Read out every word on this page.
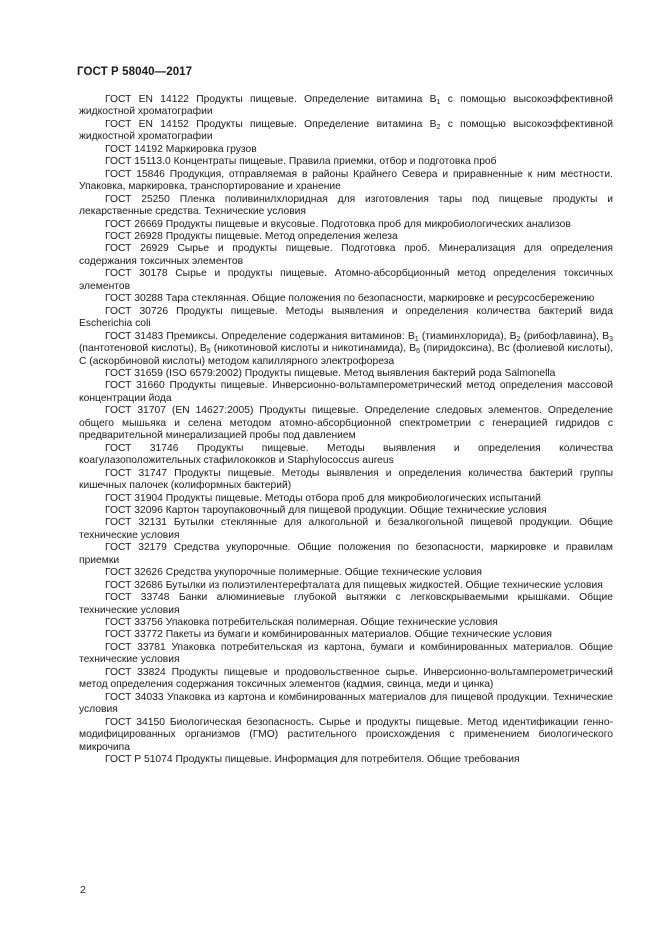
ГОСТ Р 58040—2017

ГОСТ EN 14122 Продукты пищевые. Определение витамина $B_1$ с помощью высокоэффективной жидкостной хроматографии

ГОСТ EN 14152 Продукты пищевые. Определение витамина $B_2$ с помощью высокоэффективной жидкостной хроматографии

ГОСТ 14192 Маркировка грузов

ГОСТ 15113.0 Концентраты пищевые. Правила приемки, отбор и подготовка проб

ГОСТ 15846 Продукция, отправляемая в районы Крайнего Севера и приравненные к ним местности. Упаковка, маркировка, транспортирование и хранение

ГОСТ 25250 Пленка поливинилхлоридная для изготовления тары под пищевые продукты и лекарственные средства. Технические условия

ГОСТ 26669 Продукты пищевые и вкусовые. Подготовка проб для микробиологических анализов

ГОСТ 26928 Продукты пищевые. Метод определения железа

ГОСТ 26929 Сырье и продукты пищевые. Подготовка проб. Минерализация для определения содержания токсичных элементов

ГОСТ 30178 Сырье и продукты пищевые. Атомно-абсорбционный метод определения токсичных элементов

ГОСТ 30288 Тара стеклянная. Общие положения по безопасности, маркировке и ресурсосбережению

ГОСТ 30726 Продукты пищевые. Методы выявления и определения количества бактерий вида Escherichia coli

ГОСТ 31483 Премиксы. Определение содержания витаминов: $B_1$ (тиаминхлорида), $B_2$ (рибофлавина), $B_3$ (пантотеновой кислоты), $B_5$ (никотиновой кислоты и никотинамида), $B_6$ (пиридоксина), Bc (фолиевой кислоты), C (аскорбиновой кислоты) методом капиллярного электрофореза

ГОСТ 31659 (ISO 6579:2002) Продукты пищевые. Метод выявления бактерий рода Salmonella

ГОСТ 31660 Продукты пищевые. Инверсионно-вольтамперометрический метод определения массовой концентрации йода

ГОСТ 31707 (EN 14627:2005) Продукты пищевые. Определение следовых элементов. Определение общего мышьяка и селена методом атомно-абсорбционной спектрометрии с генерацией гидридов с предварительной минерализацией пробы под давлением

ГОСТ 31746 Продукты пищевые. Методы выявления и определения количества коагулазоположительных стафилококков и Staphylococcus aureus

ГОСТ 31747 Продукты пищевые. Методы выявления и определения количества бактерий группы кишечных палочек (колиформных бактерий)

ГОСТ 31904 Продукты пищевые. Методы отбора проб для микробиологических испытаний

ГОСТ 32096 Картон тароупаковочный для пищевой продукции. Общие технические условия

ГОСТ 32131 Бутылки стеклянные для алкогольной и безалкогольной пищевой продукции. Общие технические условия

ГОСТ 32179 Средства укупорочные. Общие положения по безопасности, маркировке и правилам приемки

ГОСТ 32626 Средства укупорочные полимерные. Общие технические условия

ГОСТ 32686 Бутылки из полиэтилентерефталата для пищевых жидкостей. Общие технические условия

ГОСТ 33748 Банки алюминиевые глубокой вытяжки с легковскрываемыми крышками. Общие технические условия

ГОСТ 33756 Упаковка потребительская полимерная. Общие технические условия

ГОСТ 33772 Пакеты из бумаги и комбинированных материалов. Общие технические условия

ГОСТ 33781 Упаковка потребительская из картона, бумаги и комбинированных материалов. Общие технические условия

ГОСТ 33824 Продукты пищевые и продовольственное сырье. Инверсионно-вольтамперометрический метод определения содержания токсичных элементов (кадмия, свинца, меди и цинка)

ГОСТ 34033 Упаковка из картона и комбинированных материалов для пищевой продукции. Технические условия

ГОСТ 34150 Биологическая безопасность. Сырье и продукты пищевые. Метод идентификации генно-модифицированных организмов (ГМО) растительного происхождения с применением биологического микрочипа

ГОСТ Р 51074 Продукты пищевые. Информация для потребителя. Общие требования

2
